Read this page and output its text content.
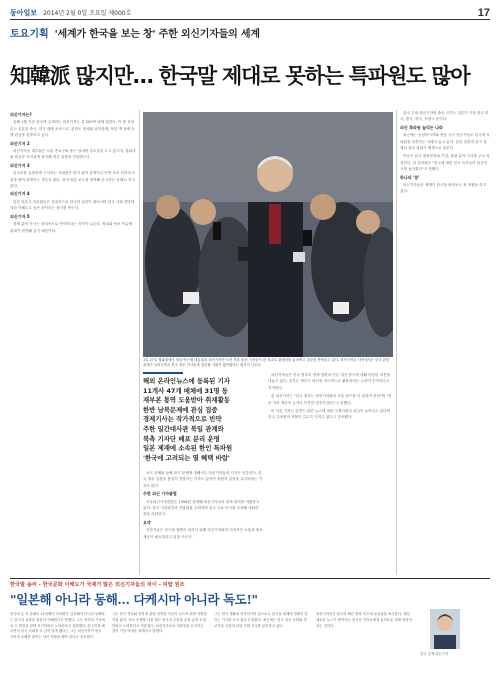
동아일보 2014년 2월 0일 조요일 제000호	17
토요기획 '세계가 한국을 보는 창' 주한 외신기자들의 세계
知韓派 많지만… 한국말 제대로 못하는 특파원도 많아
외신기자는?

올해 1월 기준 한국에 주재하는 외신기자는 총 200여 명에 달한다. 이 중 상당수는 일본과 중국, 미국 매체 소속으로, 한반도 정세와 남북관계, 북한 핵 문제 등에 관심을 집중하고 있다.

외신기자 2

외신기자들 대부분은 서울 종로구와 중구 일대에 사무실을 두고 있으며, 청와대와 외교부 브리핑에 참석해 정부 입장을 전달받는다.

외신기자 3

한국어를 유창하게 구사하는 특파원은 많지 않아 통역이나 번역 보조 인력의 도움을 받아 취재하는 경우가 많다. 현지 언론 보도를 번역해 송고하는 사례도 적지 않다.

외신기자 4

일본 언론사 특파원들은 상대적으로 한국어 실력이 뛰어나며 한국 사회 전반에 대한 이해도도 높은 편이라는 평가를 받는다.

외신기자 5

경제 분야 기사는 상대적으로 빈약하다는 지적이 나온다. 정치와 안보 이슈에 취재가 편중돼 있기 때문이다.

1일 27일 청와대에서 열린 박근혜 대통령과 외신기자단 오찬 직후 외신 기자들이 한 외교부 관계자를 둘러싸고 질문을 쏟아내고 있다. 외신기자들 사이에서는 한국 관련 취재가 늘어나면서 한국 정부 인사들과 접촉할 기회가 많아졌다는 평가가 나온다.
해외 온라인뉴스에 등록된 기자
11개사 47개 매체에 31명 등
재부본 통역 도움받아 취재활동
한반 남북문제에 관심 집중
경제기사는 작가적으로 빈약
주한 일간대사관 북일 관계와
북측 기자단 배포 분리 운영
일본 제재에 소속된 한인 특파원
'한국에 고려되는 열 혜택 바람'

외신기자들은 한국 정부의 정책 설명과 언론 대응 방식에 대해 다양한 의견을 내놓고 있다. 일부는 정부가 외신을 적극적으로 활용하려는 노력이 부족하다고 지적한다.

한 외신기자는 "한국 정부는 외신기자와의 소통 창구를 더 넓혀야 한다"며 "영문 자료 제공이 늦거나 부족한 경우가 많다"고 말했다.

또 다른 기자는 한반도 관련 뉴스에 대한 국제사회의 관심이 높아지고 있다며 한국 특파원의 역할이 갈수록 커지고 있다고 강조했다.

독도 문제와 동해 표기 문제에 대해서도 외신기자들의 시각은 엇갈린다. 한국 정부 입장을 충실히 전달하는 기자도 있지만 중립적 입장을 유지하려는 기자도 많다.

주한 외신 기자클럽

서울외신기자클럽은 1956년 설립돼 외신기자들의 취재 편의를 지원하고 있다. 정기 기자회견과 간담회를 주최하며 한국 주요 인사를 초청해 대화의 장을 마련한다.

요약

전문가들은 한국을 정확히 알리기 위해 외신기자와의 지속적인 소통과 정보 제공이 필요하다고 입을 모은다.

한국 주재 외신기자의 출신 국가는 일본이 가장 많고 미국, 중국, 영국, 프랑스 순이다.

외신 특파원 늘리는 나라

최근에는 동남아시아와 중동 국가 언론사들도 한국에 특파원을 파견하는 사례가 늘고 있다. 한류 열풍과 한국 경제의 위상 강화가 배경으로 꼽힌다.

이들은 한국 대중문화와 기업, 관광 분야 기사를 주로 작성한다. 한 특파원은 "한국에 대한 본국 독자들의 관심이 크게 높아졌다"고 전했다.

하나의 '창'

외신기자들은 세계가 한국을 바라보는 창 역할을 하고 있다.

한국말 솜씨 - 한국문화 이해도가 국제가 많은 외신기자들의 차이 - 피랍 원조
"일본해 아니라 동해… 다케시마 아니라 독도!"
한국에 온 지 올해로 12년째인 특파원은 일본해가 아니라 동해라는 한국의 입장을 충분히 이해한다고 말했다. 그는 자신의 기사에서 두 명칭을 함께 표기하려고 노력한다고 설명했다. 한국어를 배우면서 한국 사회를 더 깊이 알게 됐다는 그는 외신기자가 양국 사이의 오해를 줄이는 다리 역할을 해야 한다고 강조했다.
그는 한국 역사와 문화에 관한 서적을 꾸준히 읽으며 취재 역량을 키워 왔다. 독도 문제를 다룰 때는 양국의 주장을 균형 있게 소개하려고 노력한다고 덧붙였다. 외신기자로서 객관성을 유지하는 것이 가장 어려운 과제라고 말했다.
그는 한국 생활에 만족한다며 앞으로도 한국을 세계에 정확히 알리는 기사를 쓰고 싶다고 밝혔다. 최근에는 한국 청년 문화와 정보기술 산업에 관한 기획 기사를 준비하고 있다.
외신기자들은 한국의 빠른 변화 속도에 놀라움을 표시한다. 매일 새로운 뉴스가 쏟아지는 한국은 기자들에게 흥미로운 취재 현장이라는 것이다.
한국 주재 외신기자
